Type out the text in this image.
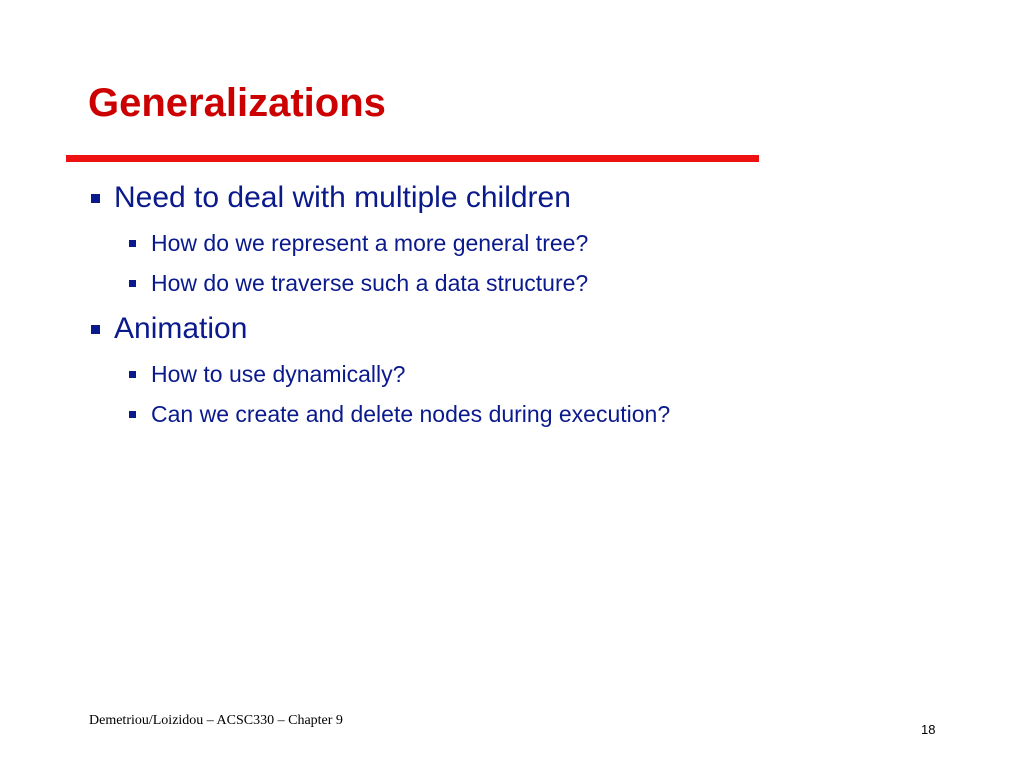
Generalizations
Need to deal with multiple children
How do we represent a more general tree?
How do we traverse such a data structure?
Animation
How to use dynamically?
Can we create and delete nodes during execution?
Demetriou/Loizidou – ACSC330 – Chapter 9
18
